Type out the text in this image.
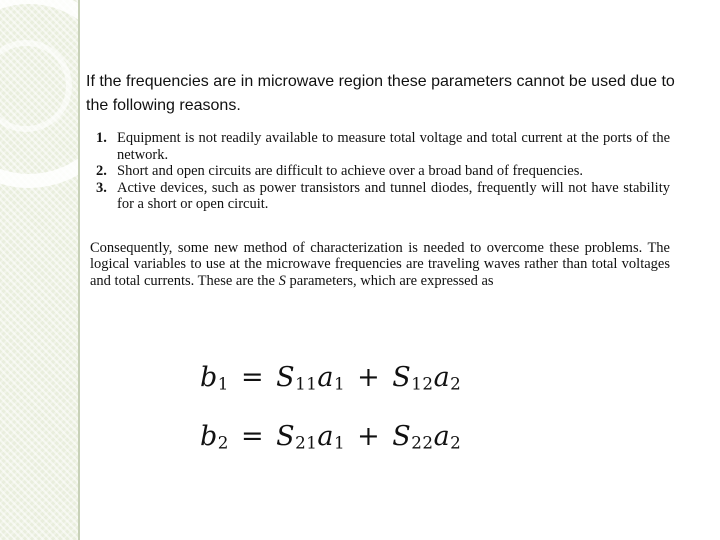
If the frequencies are in microwave region these parameters cannot be used due to the following reasons.

1. Equipment is not readily available to measure total voltage and total current at the ports of the network.
2. Short and open circuits are difficult to achieve over a broad band of frequencies.
3. Active devices, such as power transistors and tunnel diodes, frequently will not have stability for a short or open circuit.

Consequently, some new method of characterization is needed to overcome these problems. The logical variables to use at the microwave frequencies are traveling waves rather than total voltages and total currents. These are the S parameters, which are expressed as

$b_1 = S_{11}a_1 + S_{12}a_2$
$b_2 = S_{21}a_1 + S_{22}a_2$
